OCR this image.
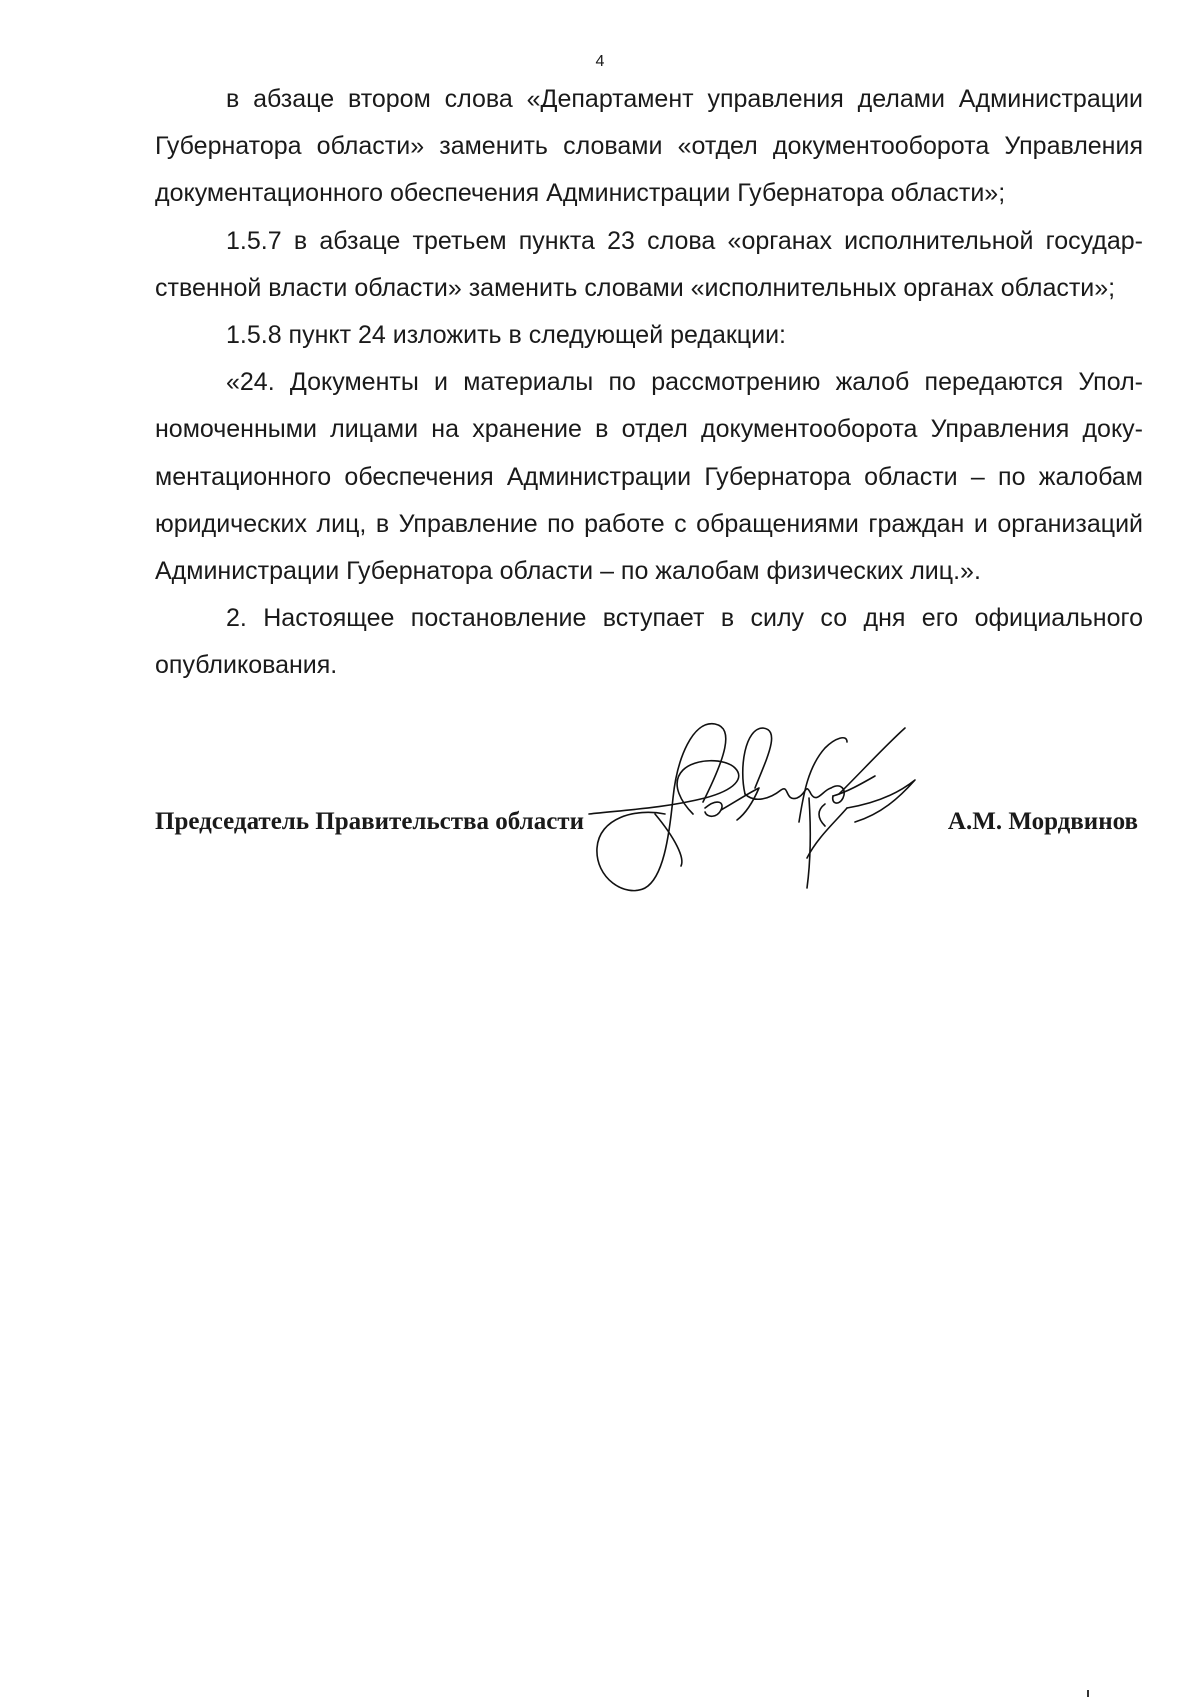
4

в абзаце втором слова «Департамент управления делами Администрации Губернатора области» заменить словами «отдел документооборота Управления документационного обеспечения Администрации Губернатора области»;

1.5.7 в абзаце третьем пункта 23 слова «органах исполнительной государственной власти области» заменить словами «исполнительных органах области»;

1.5.8 пункт 24 изложить в следующей редакции:

«24. Документы и материалы по рассмотрению жалоб передаются Уполномоченными лицами на хранение в отдел документооборота Управления документационного обеспечения Администрации Губернатора области – по жалобам юридических лиц, в Управление по работе с обращениями граждан и организаций Администрации Губернатора области – по жалобам физических лиц.».

2. Настоящее постановление вступает в силу со дня его официального опубликования.

Председатель Правительства области	А.М. Мордвинов
